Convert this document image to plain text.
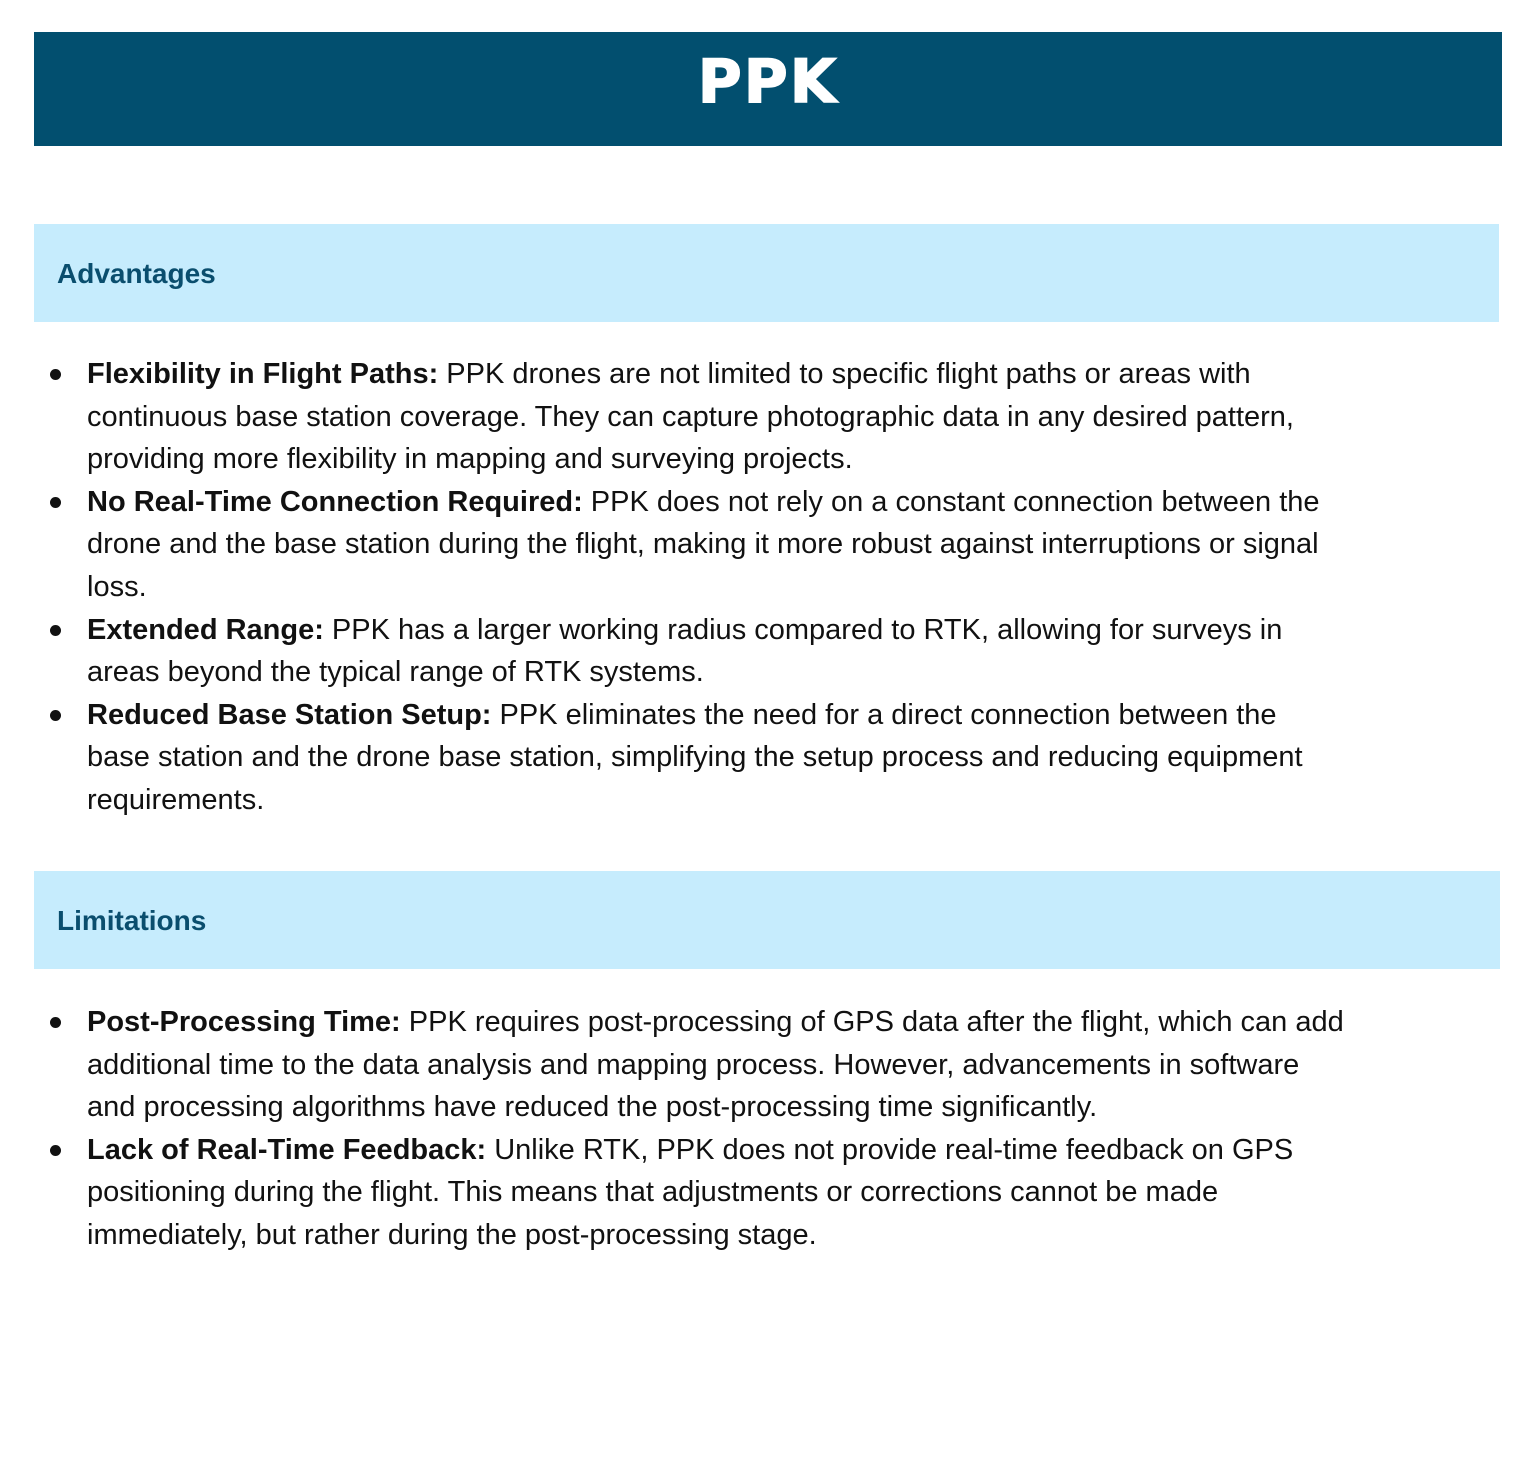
PPK
Advantages
Flexibility in Flight Paths: PPK drones are not limited to specific flight paths or areas with continuous base station coverage. They can capture photographic data in any desired pattern, providing more flexibility in mapping and surveying projects.
No Real-Time Connection Required: PPK does not rely on a constant connection between the drone and the base station during the flight, making it more robust against interruptions or signal loss.
Extended Range: PPK has a larger working radius compared to RTK, allowing for surveys in areas beyond the typical range of RTK systems.
Reduced Base Station Setup: PPK eliminates the need for a direct connection between the base station and the drone base station, simplifying the setup process and reducing equipment requirements.
Limitations
Post-Processing Time: PPK requires post-processing of GPS data after the flight, which can add additional time to the data analysis and mapping process. However, advancements in software and processing algorithms have reduced the post-processing time significantly.
Lack of Real-Time Feedback: Unlike RTK, PPK does not provide real-time feedback on GPS positioning during the flight. This means that adjustments or corrections cannot be made immediately, but rather during the post-processing stage.
